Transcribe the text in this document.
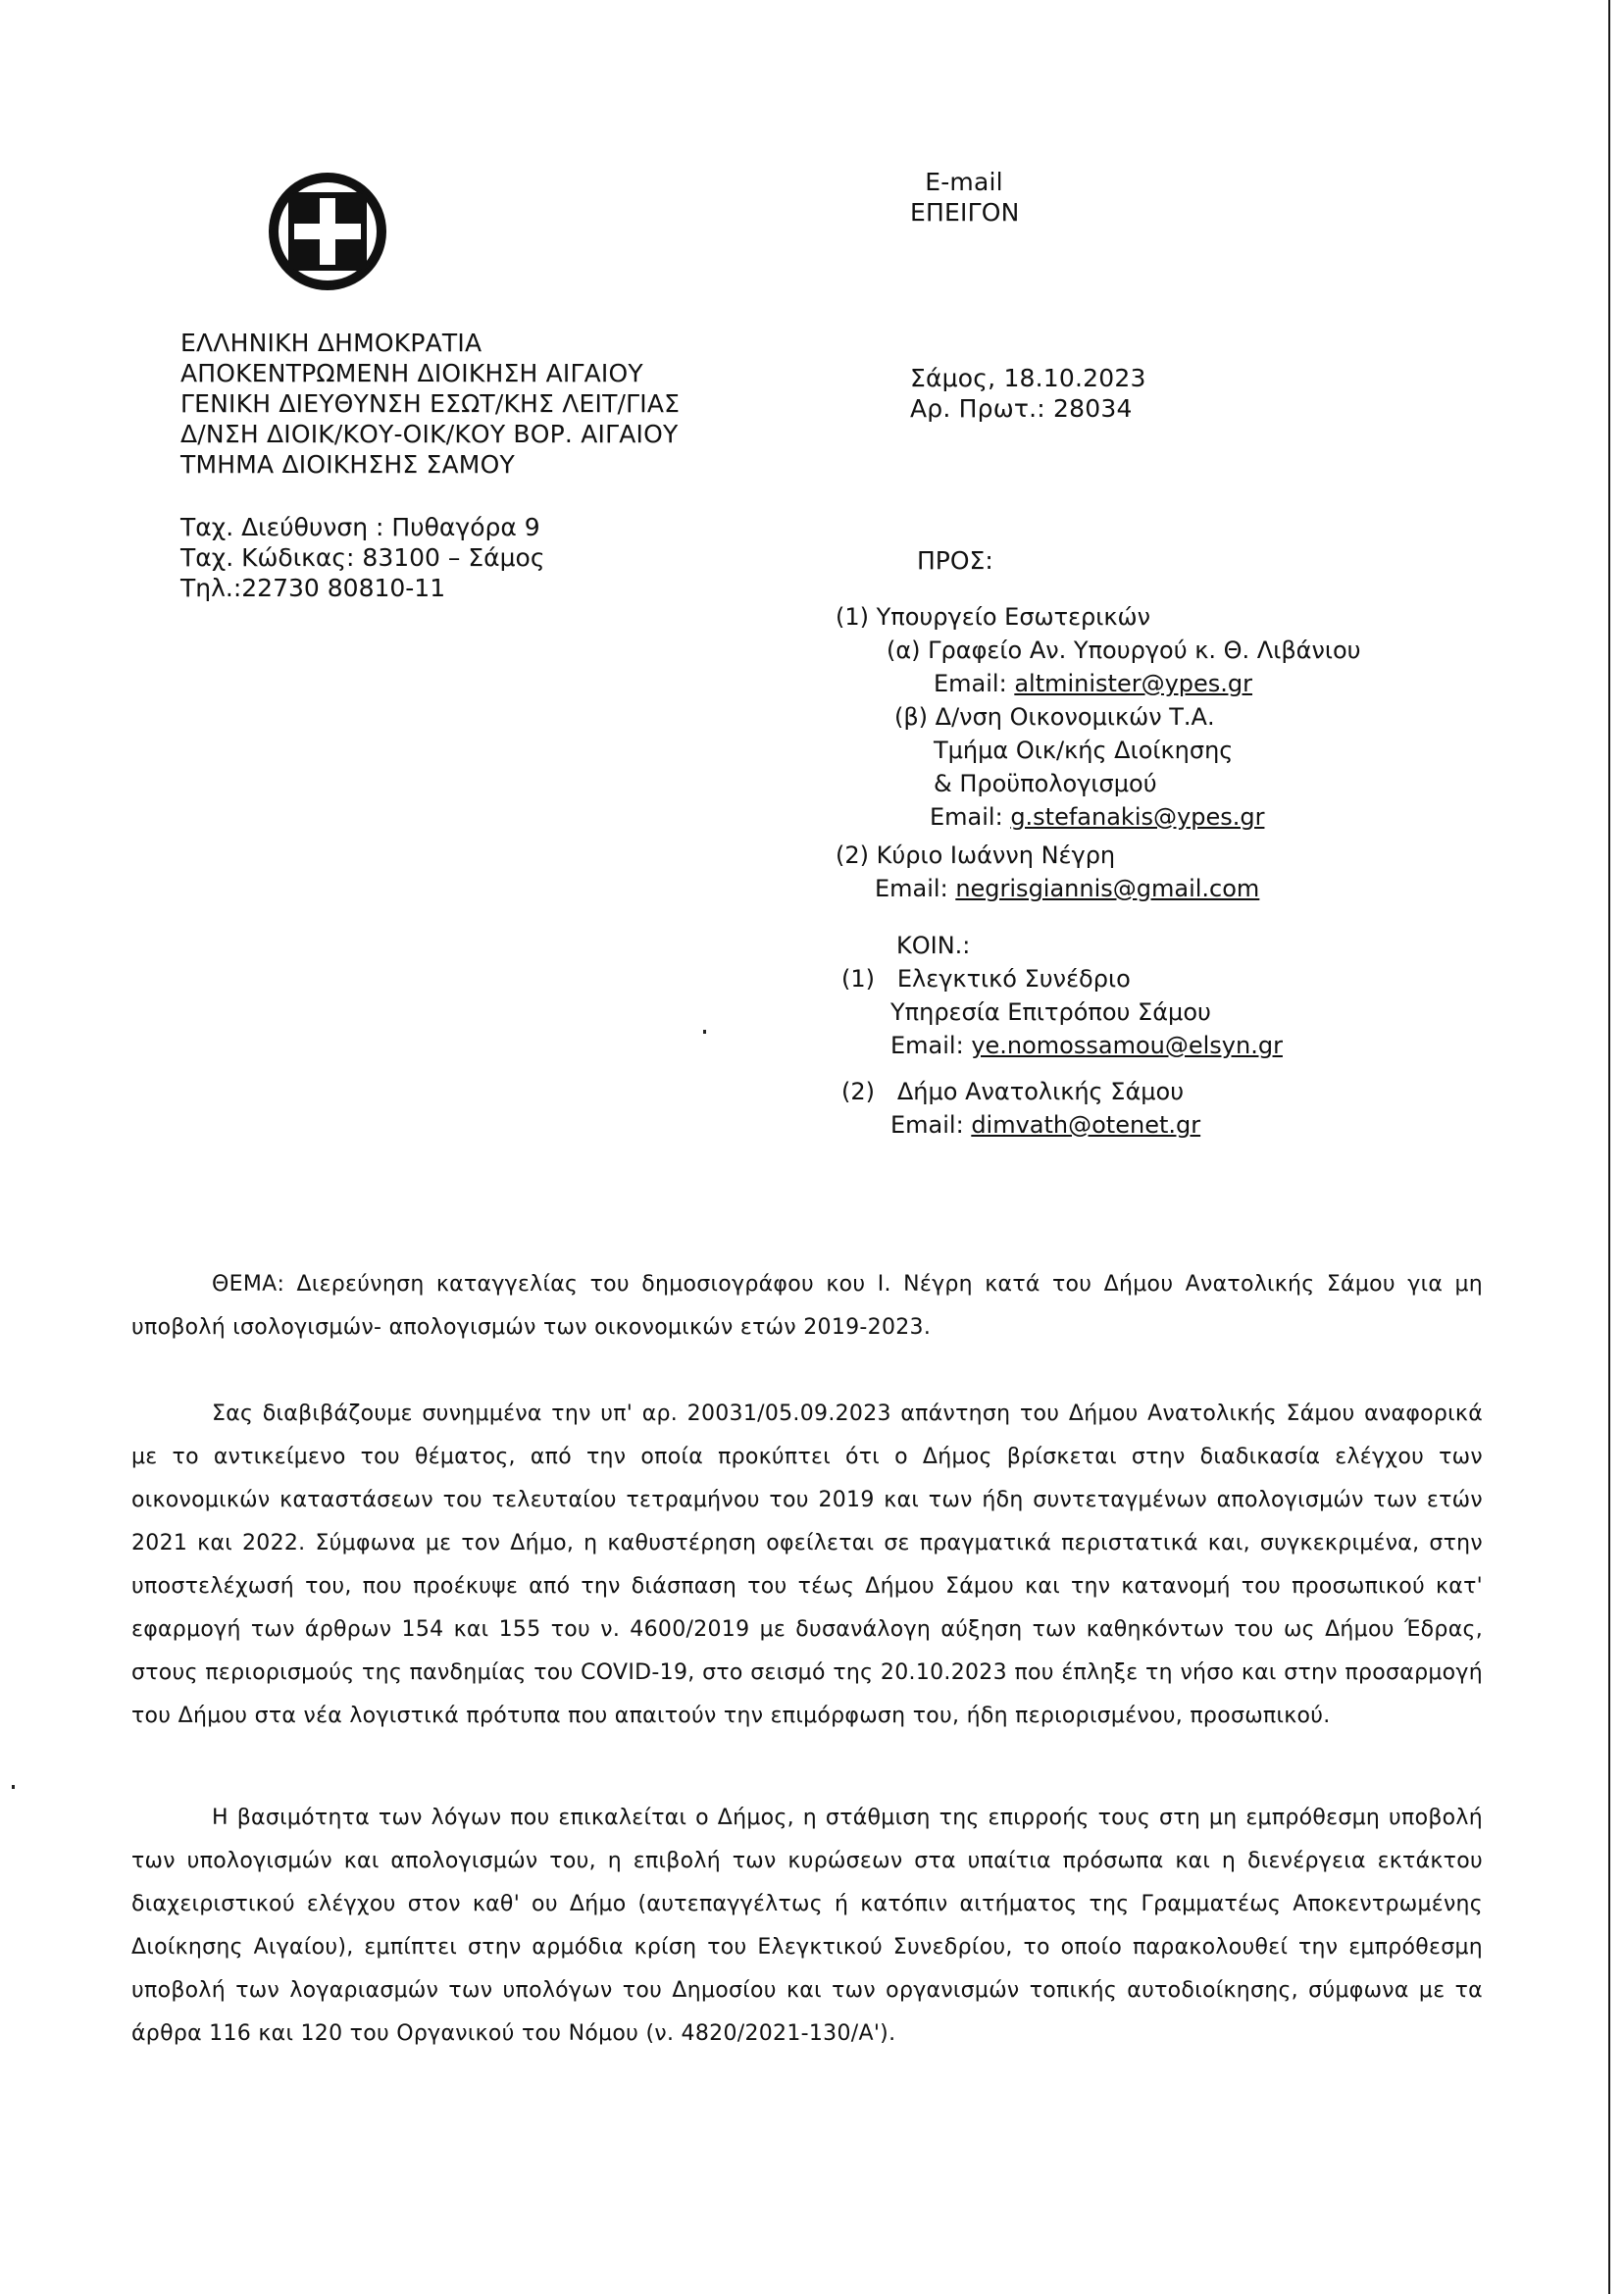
E-mail
ΕΠΕΙΓΟΝ
ΕΛΛΗΝΙΚΗ ΔΗΜΟΚΡΑΤΙΑ
ΑΠΟΚΕΝΤΡΩΜΕΝΗ ΔΙΟΙΚΗΣΗ ΑΙΓΑΙΟΥ
ΓΕΝΙΚΗ ΔΙΕΥΘΥΝΣΗ ΕΣΩΤ/ΚΗΣ ΛΕΙΤ/ΓΙΑΣ
Δ/ΝΣΗ ΔΙΟΙΚ/ΚΟΥ-ΟΙΚ/ΚΟΥ ΒΟΡ. ΑΙΓΑΙΟΥ
ΤΜΗΜΑ ΔΙΟΙΚΗΣΗΣ ΣΑΜΟΥ
Ταχ. Διεύθυνση : Πυθαγόρα 9
Ταχ. Κώδικας: 83100 – Σάμος
Τηλ.:22730 80810-11
Σάμος, 18.10.2023
Αρ. Πρωτ.: 28034
ΠΡΟΣ:
(1) Υπουργείο Εσωτερικών
(α) Γραφείο Αν. Υπουργού κ. Θ. Λιβάνιου
Email: altminister@ypes.gr
(β) Δ/νση Οικονομικών Τ.Α.
Τμήμα Οικ/κής Διοίκησης
& Προϋπολογισμού
Email: g.stefanakis@ypes.gr
(2) Κύριο Ιωάννη Νέγρη
Email: negrisgiannis@gmail.com
ΚΟΙΝ.:
(1) Ελεγκτικό Συνέδριο
Υπηρεσία Επιτρόπου Σάμου
Email: ye.nomossamou@elsyn.gr
(2) Δήμο Ανατολικής Σάμου
Email: dimvath@otenet.gr

ΘΕΜΑ: Διερεύνηση καταγγελίας του δημοσιογράφου κου Ι. Νέγρη κατά του Δήμου Ανατολικής Σάμου για μη υποβολή ισολογισμών- απολογισμών των οικονομικών ετών 2019-2023.

Σας διαβιβάζουμε συνημμένα την υπ' αρ. 20031/05.09.2023 απάντηση του Δήμου Ανατολικής Σάμου αναφορικά με το αντικείμενο του θέματος, από την οποία προκύπτει ότι ο Δήμος βρίσκεται στην διαδικασία ελέγχου των οικονομικών καταστάσεων του τελευταίου τετραμήνου του 2019 και των ήδη συντεταγμένων απολογισμών των ετών 2021 και 2022. Σύμφωνα με τον Δήμο, η καθυστέρηση οφείλεται σε πραγματικά περιστατικά και, συγκεκριμένα, στην υποστελέχωσή του, που προέκυψε από την διάσπαση του τέως Δήμου Σάμου και την κατανομή του προσωπικού κατ' εφαρμογή των άρθρων 154 και 155 του ν. 4600/2019 με δυσανάλογη αύξηση των καθηκόντων του ως Δήμου Έδρας, στους περιορισμούς της πανδημίας του COVID-19, στο σεισμό της 20.10.2023 που έπληξε τη νήσο και στην προσαρμογή του Δήμου στα νέα λογιστικά πρότυπα που απαιτούν την επιμόρφωση του, ήδη περιορισμένου, προσωπικού.

Η βασιμότητα των λόγων που επικαλείται ο Δήμος, η στάθμιση της επιρροής τους στη μη εμπρόθεσμη υποβολή των υπολογισμών και απολογισμών του, η επιβολή των κυρώσεων στα υπαίτια πρόσωπα και η διενέργεια εκτάκτου διαχειριστικού ελέγχου στον καθ' ου Δήμο (αυτεπαγγέλτως ή κατόπιν αιτήματος της Γραμματέως Αποκεντρωμένης Διοίκησης Αιγαίου), εμπίπτει στην αρμόδια κρίση του Ελεγκτικού Συνεδρίου, το οποίο παρακολουθεί την εμπρόθεσμη υποβολή των λογαριασμών των υπολόγων του Δημοσίου και των οργανισμών τοπικής αυτοδιοίκησης, σύμφωνα με τα άρθρα 116 και 120 του Οργανικού του Νόμου (ν. 4820/2021-130/Α').
